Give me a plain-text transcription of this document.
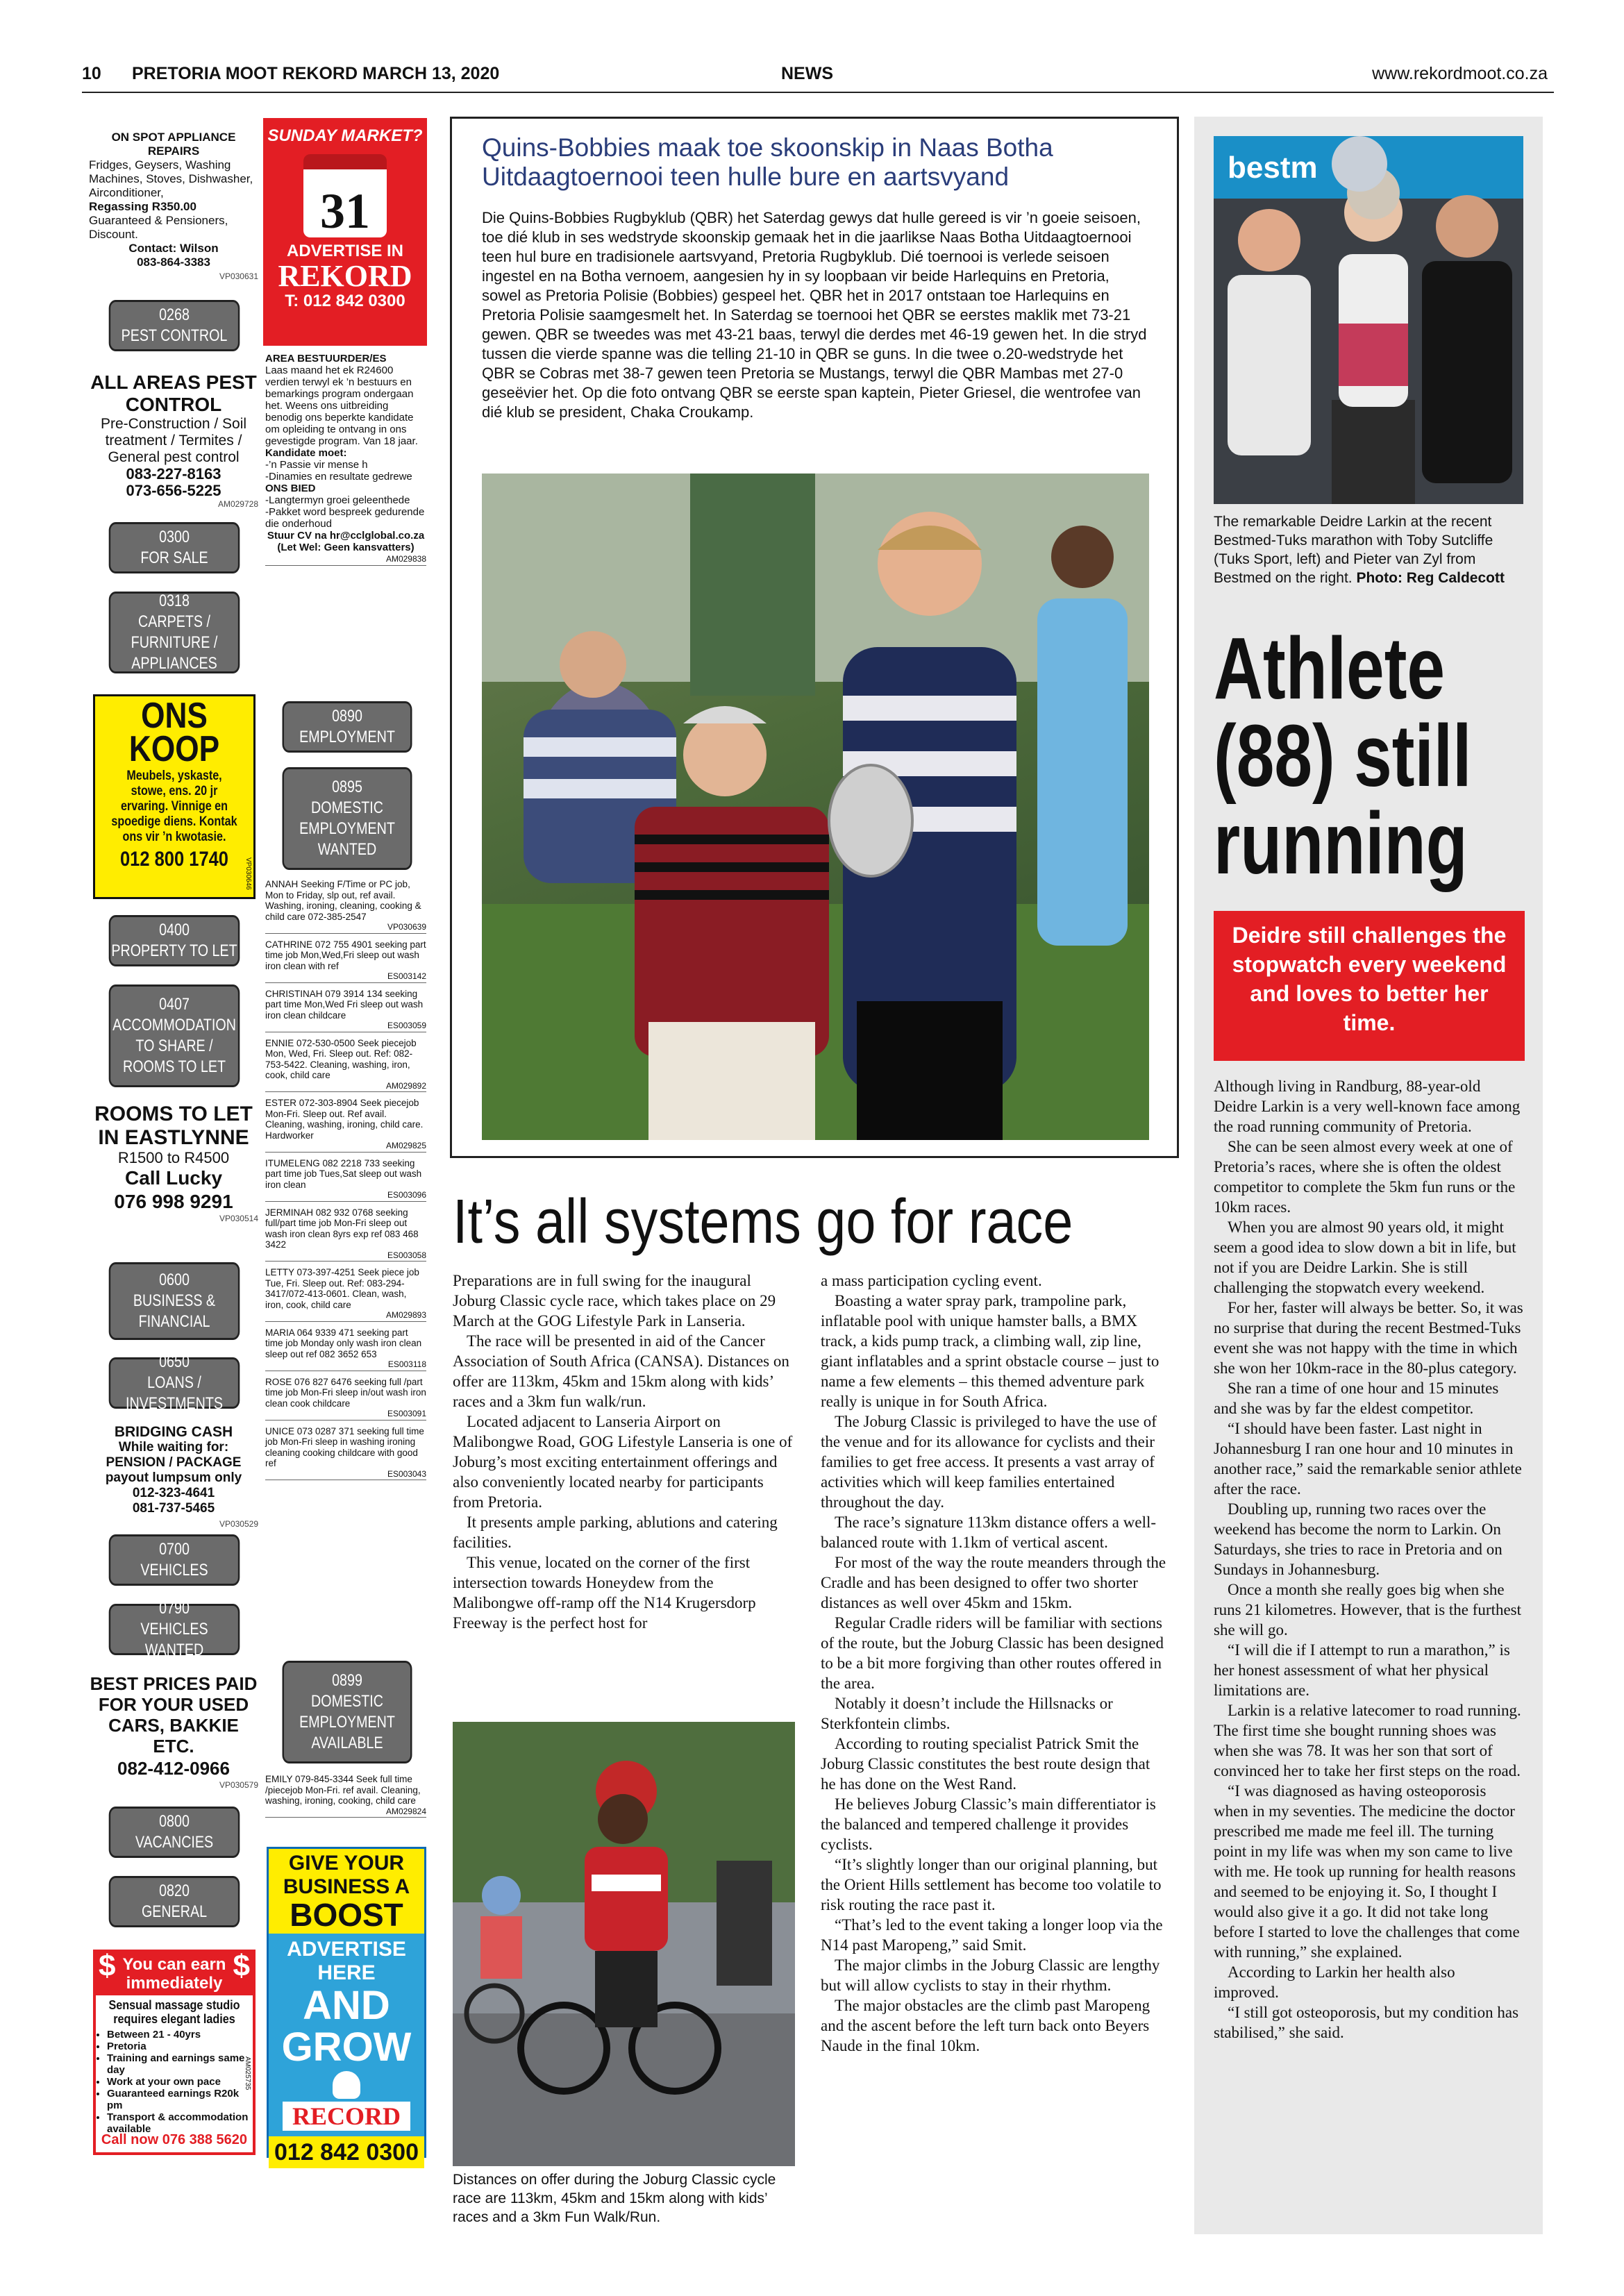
10 PRETORIA MOOT REKORD MARCH 13, 2020	NEWS	www.rekordmoot.co.za
ON SPOT APPLIANCE REPAIRS
Fridges, Geysers, Washing Machines, Stoves, Dishwasher, Airconditioner,
Regassing R350.00
Guaranteed & Pensioners, Discount.
Contact: Wilson
083-864-3383
VP030631
0268
PEST CONTROL
ALL AREAS PEST CONTROL
Pre-Construction / Soil treatment / Termites / General pest control
083-227-8163
073-656-5225
AM029728
0300
FOR SALE
0318
CARPETS / FURNITURE / APPLIANCES
ONS
KOOP
Meubels, yskaste, stowe, ens. 20 jr ervaring. Vinnige en spoedige diens. Kontak ons vir ’n kwotasie.
012 800 1740	VP030646
0400
PROPERTY TO LET
0407
ACCOMMODATION TO SHARE / ROOMS TO LET
ROOMS TO LET IN EASTLYNNE
R1500 to R4500
Call Lucky
076 998 9291
VP030514
0600
BUSINESS & FINANCIAL
0650
LOANS / INVESTMENTS
BRIDGING CASH
While waiting for:
PENSION / PACKAGE
payout lumpsum only
012-323-4641
081-737-5465
VP030529
0700
VEHICLES
0790
VEHICLES WANTED
BEST PRICES PAID FOR YOUR USED CARS, BAKKIE ETC.
082-412-0966
VP030579
0800
VACANCIES
0820
GENERAL
$ You can earn immediately
$
Sensual massage studio requires elegant ladies
• Between 21 - 40yrs
• Pretoria
• Training and earnings same day
• Work at your own pace
• Guaranteed earnings R20k pm
• Transport & accommodation available
Call now 076 388 5620
AM025735
SUNDAY MARKET?
31
ADVERTISE IN
REKORD
T: 012 842 0300
AREA BESTUURDER/ES
Laas maand het ek R24600 verdien terwyl ek ’n bestuurs en bemarkings program ondergaan het. Weens ons uitbreiding benodig ons beperkte kandidate om opleiding te ontvang in ons gevestigde program. Van 18 jaar.
Kandidate moet:
-’n Passie vir mense h
-Dinamies en resultate gedrewe
ONS BIED
-Langtermyn groei geleenthede
-Pakket word bespreek gedurende die onderhoud
Stuur CV na hr@cclglobal.co.za (Let Wel: Geen kansvatters)
AM029838
0890
EMPLOYMENT
0895
DOMESTIC EMPLOYMENT WANTED
ANNAH Seeking F/Time or PC job, Mon to Friday, slp out, ref avail. Washing, ironing, cleaning, cooking & child care 072-385-2547
VP030639
CATHRINE 072 755 4901 seeking part time job Mon,Wed,Fri sleep out wash iron clean with ref
ES003142
CHRISTINAH 079 3914 134 seeking part time Mon,Wed Fri sleep out wash iron clean childcare
ES003059
ENNIE 072-530-0500 Seek piecejob Mon, Wed, Fri. Sleep out. Ref: 082-753-5422. Cleaning, washing, iron, cook, child care
AM029892
ESTER 072-303-8904 Seek piecejob Mon-Fri. Sleep out. Ref avail. Cleaning, washing, ironing, child care. Hardworker
AM029825
ITUMELENG 082 2218 733 seeking part time job Tues,Sat sleep out wash iron clean
ES003096
JERMINAH 082 932 0768 seeking full/part time job Mon-Fri sleep out wash iron clean 8yrs exp ref 083 468 3422
ES003058
LETTY 073-397-4251 Seek piece job Tue, Fri. Sleep out. Ref: 083-294-3417/072-413-0601. Clean, wash, iron, cook, child care
AM029893
MARIA 064 9339 471 seeking part time job Monday only wash iron clean sleep out ref 082 3652 653
ES003118
ROSE 076 827 6476 seeking full /part time job Mon-Fri sleep in/out wash iron clean cook childcare
ES003091
UNICE 073 0287 371 seeking full time job Mon-Fri sleep in washing ironing cleaning cooking childcare with good ref
ES003043
0899
DOMESTIC EMPLOYMENT AVAILABLE
EMILY 079-845-3344 Seek full time /piecejob Mon-Fri. ref avail. Cleaning, washing, ironing, cooking, child care
AM029824
GIVE YOUR
BUSINESS A
BOOST
ADVERTISE
HERE
AND
GROW
RECORD
012 842 0300
Quins-Bobbies maak toe skoonskip in Naas Botha Uitdaagtoernooi teen hulle bure en aartsvyand
Die Quins-Bobbies Rugbyklub (QBR) het Saterdag gewys dat hulle gereed is vir ’n goeie seisoen, toe dié klub in ses wedstryde skoonskip gemaak het in die jaarlikse Naas Botha Uitdaagtoernooi teen hul bure en tradisionele aartsvyand, Pretoria Rugbyklub. Dié toernooi is verlede seisoen ingestel en na Botha vernoem, aangesien hy in sy loopbaan vir beide Harlequins en Pretoria, sowel as Pretoria Polisie (Bobbies) gespeel het. QBR het in 2017 ontstaan toe Harlequins en Pretoria Polisie saamgesmelt het. In Saterdag se toernooi het QBR se eerstes maklik met 73-21 gewen. QBR se tweedes was met 43-21 baas, terwyl die derdes met 46-19 gewen het. In die stryd tussen die vierde spanne was die telling 21-10 in QBR se guns. In die twee o.20-wedstryde het QBR se Cobras met 38-7 gewen teen Pretoria se Mustangs, terwyl die QBR Mambas met 27-0 geseëvier het. Op die foto ontvang QBR se eerste span kaptein, Pieter Griesel, die wentrofee van dié klub se president, Chaka Croukamp.
It’s all systems go for race

Preparations are in full swing for the inaugural Joburg Classic cycle race, which takes place on 29 March at the GOG Lifestyle Park in Lanseria.

The race will be presented in aid of the Cancer Association of South Africa (CANSA). Distances on offer are 113km, 45km and 15km along with kids’ races and a 3km fun walk/run.

Located adjacent to Lanseria Airport on Malibongwe Road, GOG Lifestyle Lanseria is one of Joburg’s most exciting entertainment offerings and also conveniently located nearby for participants from Pretoria.

It presents ample parking, ablutions and catering facilities.

This venue, located on the corner of the first intersection towards Honeydew from the Malibongwe off-ramp off the N14 Krugersdorp Freeway is the perfect host for

Distances on offer during the Joburg Classic cycle race are 113km, 45km and 15km along with kids’ races and a 3km Fun Walk/Run.

a mass participation cycling event.

Boasting a water spray park, trampoline park, inflatable pool with unique hamster balls, a BMX track, a kids pump track, a climbing wall, zip line, giant inflatables and a sprint obstacle course – just to name a few elements – this themed adventure park really is unique in for South Africa.

The Joburg Classic is privileged to have the use of the venue and for its allowance for cyclists and their families to get free access. It presents a vast array of activities which will keep families entertained throughout the day.

The race’s signature 113km distance offers a well-balanced route with 1.1km of vertical ascent.

For most of the way the route meanders through the Cradle and has been designed to offer two shorter distances as well over 45km and 15km.

Regular Cradle riders will be familiar with sections of the route, but the Joburg Classic has been designed to be a bit more forgiving than other routes offered in the area.

Notably it doesn’t include the Hillsnacks or Sterkfontein climbs.

According to routing specialist Patrick Smit the Joburg Classic constitutes the best route design that he has done on the West Rand.

He believes Joburg Classic’s main differentiator is the balanced and tempered challenge it provides cyclists.

“It’s slightly longer than our original planning, but the Orient Hills settlement has become too volatile to risk routing the race past it.

“That’s led to the event taking a longer loop via the N14 past Maropeng,” said Smit.

The major climbs in the Joburg Classic are lengthy but will allow cyclists to stay in their rhythm.

The major obstacles are the climb past Maropeng and the ascent before the left turn back onto Beyers Naude in the final 10km.

bestm
The remarkable Deidre Larkin at the recent Bestmed-Tuks marathon with Toby Sutcliffe (Tuks Sport, left) and Pieter van Zyl from Bestmed on the right. Photo: Reg Caldecott
Athlete (88) still running
Deidre still challenges the stopwatch every weekend and loves to better her time.

Although living in Randburg, 88-year-old Deidre Larkin is a very well-known face among the road running community of Pretoria.

She can be seen almost every week at one of Pretoria’s races, where she is often the oldest competitor to complete the 5km fun runs or the 10km races.

When you are almost 90 years old, it might seem a good idea to slow down a bit in life, but not if you are Deidre Larkin. She is still challenging the stopwatch every weekend.

For her, faster will always be better. So, it was no surprise that during the recent Bestmed-Tuks event she was not happy with the time in which she won her 10km-race in the 80-plus category.

She ran a time of one hour and 15 minutes and she was by far the eldest competitor.

“I should have been faster. Last night in Johannesburg I ran one hour and 10 minutes in another race,” said the remarkable senior athlete after the race.

Doubling up, running two races over the weekend has become the norm to Larkin. On Saturdays, she tries to race in Pretoria and on Sundays in Johannesburg.

Once a month she really goes big when she runs 21 kilometres. However, that is the furthest she will go.

“I will die if I attempt to run a marathon,” is her honest assessment of what her physical limitations are.

Larkin is a relative latecomer to road running. The first time she bought running shoes was when she was 78. It was her son that sort of convinced her to take her first steps on the road.

“I was diagnosed as having osteoporosis when in my seventies. The medicine the doctor prescribed me made me feel ill. The turning point in my life was when my son came to live with me. He took up running for health reasons and seemed to be enjoying it. So, I thought I would also give it a go. It did not take long before I started to love the challenges that come with running,” she explained.

According to Larkin her health also improved.

“I still got osteoporosis, but my condition has stabilised,” she said.
